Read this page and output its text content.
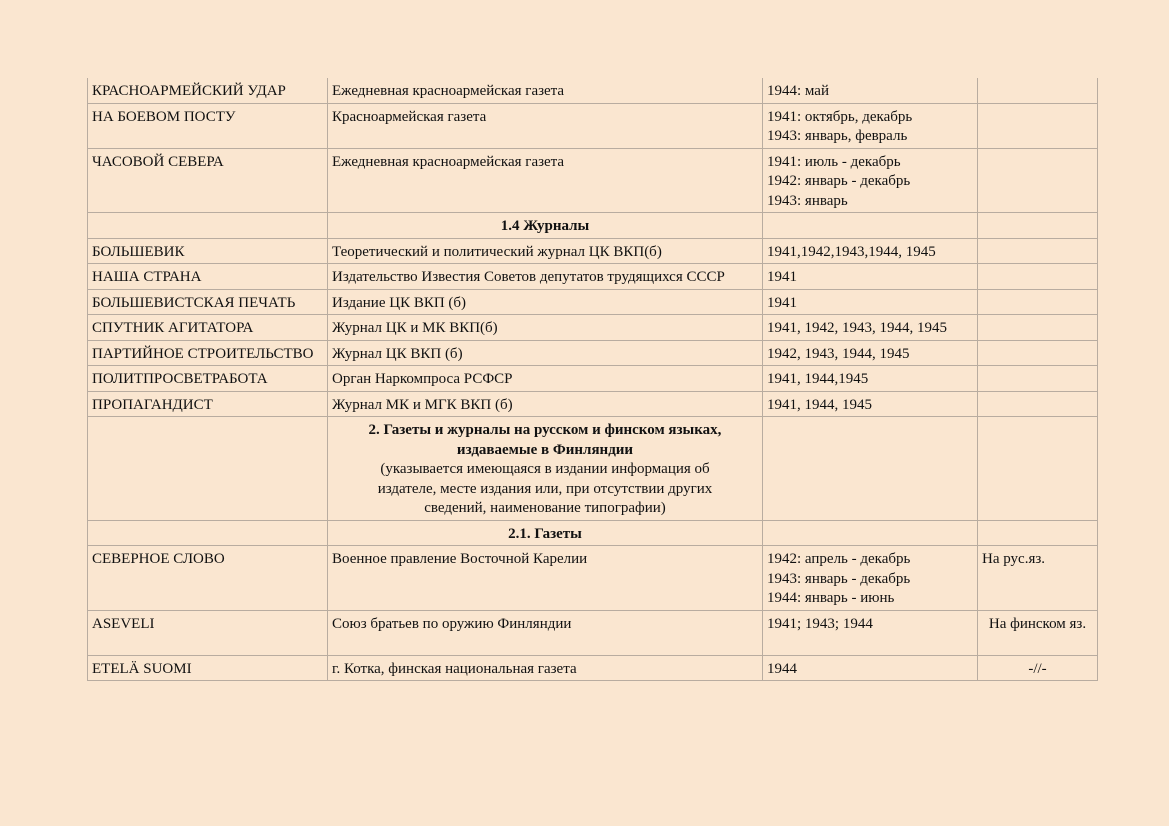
КРАСНОАРМЕЙСКИЙ УДАР	Ежедневная красноармейская газета	1944: май	

НА БОЕВОМ ПОСТУ	Красноармейская газета	1941: октябрь, декабрь
1943: январь, февраль	

ЧАСОВОЙ СЕВЕРА	Ежедневная красноармейская газета	1941: июль - декабрь
1942: январь - декабрь
1943: январь	

	1.4 Журналы		

БОЛЬШЕВИК	Теоретический и политический журнал ЦК ВКП(б)	1941,1942,1943,1944, 1945	

НАША СТРАНА	Издательство Известия Советов депутатов трудящихся СССР	1941	

БОЛЬШЕВИСТСКАЯ ПЕЧАТЬ	Издание ЦК ВКП (б)	1941	

СПУТНИК АГИТАТОРА	Журнал ЦК и МК ВКП(б)	1941, 1942, 1943, 1944, 1945	

ПАРТИЙНОЕ СТРОИТЕЛЬСТВО	Журнал ЦК ВКП (б)	1942, 1943, 1944, 1945	

ПОЛИТПРОСВЕТРАБОТА	Орган Наркомпроса РСФСР	1941, 1944,1945	

ПРОПАГАНДИСТ	Журнал МК и МГК ВКП (б)	1941, 1944, 1945	

	2. Газеты и журналы на русском и финском языках,
издаваемые в Финляндии
(указывается имеющаяся в издании информация об
издателе, месте издания или, при отсутствии других
сведений, наименование типографии)		

	2.1. Газеты		

СЕВЕРНОЕ СЛОВО	Военное правление Восточной Карелии	1942: апрель - декабрь
1943: январь - декабрь
1944: январь - июнь	На рус.яз.
ASEVELI	Союз братьев по оружию Финляндии	1941; 1943; 1944	На финском яз.
ETELÄ SUOMI	г. Котка, финская национальная газета	1944	-//-
